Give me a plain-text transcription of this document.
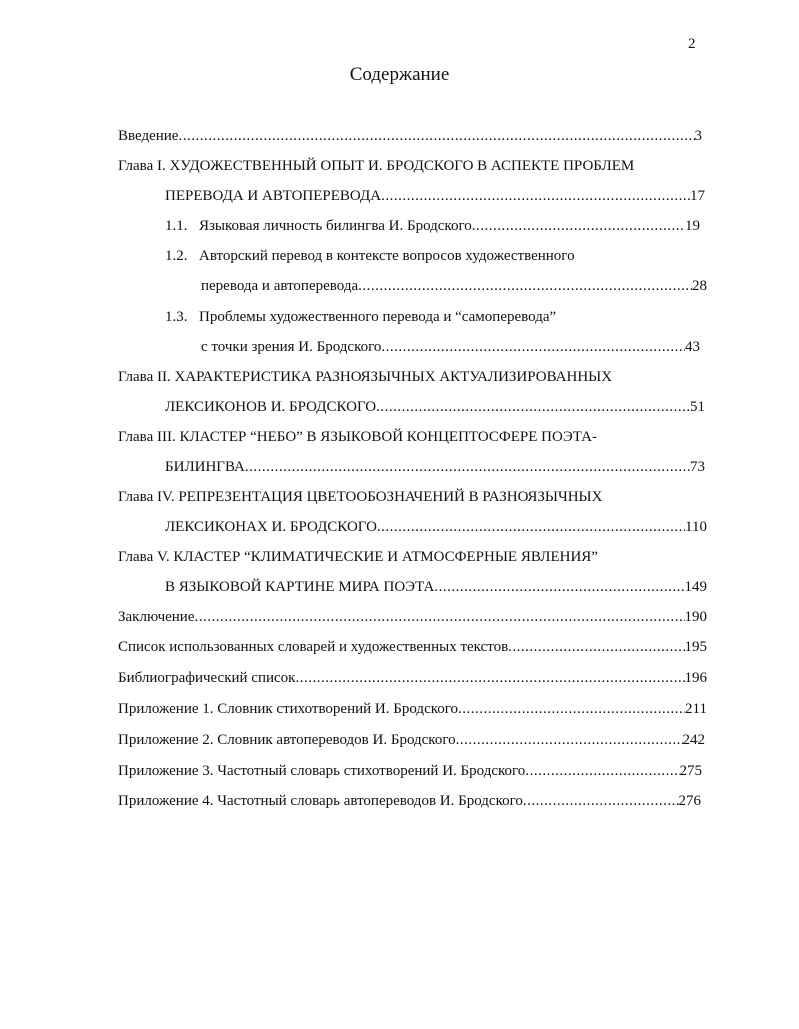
2
Содержание
Введение .....	3
Глава I. ХУДОЖЕСТВЕННЫЙ ОПЫТ И. БРОДСКОГО В АСПЕКТЕ ПРОБЛЕМ
ПЕРЕВОДА И АВТОПЕРЕВОДА .....	17
1.1. Языковая личность билингва И. Бродского .....	19
1.2. Авторский перевод в контексте вопросов художественного
перевода и автоперевода .....	28
1.3. Проблемы художественного перевода и “самоперевода”
с точки зрения И. Бродского .....	43
Глава II. ХАРАКТЕРИСТИКА РАЗНОЯЗЫЧНЫХ АКТУАЛИЗИРОВАННЫХ
ЛЕКСИКОНОВ И. БРОДСКОГО .....	51
Глава III. КЛАСТЕР “НЕБО” В ЯЗЫКОВОЙ КОНЦЕПТОСФЕРЕ ПОЭТА-
БИЛИНГВА .....	73
Глава IV. РЕПРЕЗЕНТАЦИЯ ЦВЕТООБОЗНАЧЕНИЙ В РАЗНОЯЗЫЧНЫХ
ЛЕКСИКОНАХ И. БРОДСКОГО .....	110
Глава V. КЛАСТЕР “КЛИМАТИЧЕСКИЕ И АТМОСФЕРНЫЕ ЯВЛЕНИЯ”
В ЯЗЫКОВОЙ КАРТИНЕ МИРА ПОЭТА .....	149
Заключение .....	190
Список использованных словарей и художественных текстов .....	195
Библиографический список .....	196
Приложение 1. Словник стихотворений И. Бродского .....	211
Приложение 2. Словник автопереводов И. Бродского .....	242
Приложение 3. Частотный словарь стихотворений И. Бродского .....	275
Приложение 4. Частотный словарь автопереводов И. Бродского .....	276
